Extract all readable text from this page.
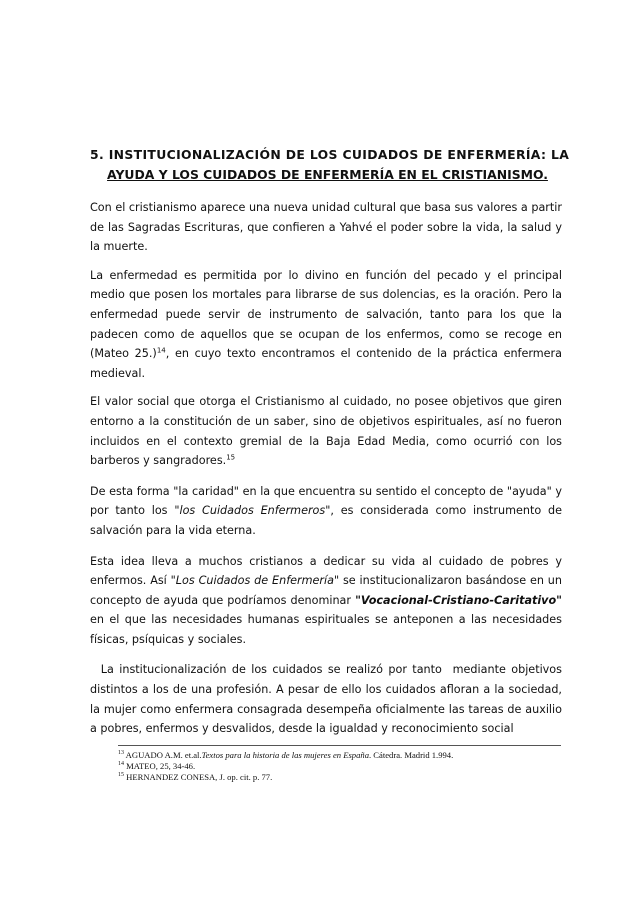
5. INSTITUCIONALIZACIÓN DE LOS CUIDADOS DE ENFERMERÍA: LA
AYUDA Y LOS CUIDADOS DE ENFERMERÍA EN EL CRISTIANISMO.

Con el cristianismo aparece una nueva unidad cultural que basa sus valores a partir de las Sagradas Escrituras, que confieren a Yahvé el poder sobre la vida, la salud y la muerte.

La enfermedad es permitida por lo divino en función del pecado y el principal medio que posen los mortales para librarse de sus dolencias, es la oración. Pero la enfermedad puede servir de instrumento de salvación, tanto para los que la padecen como de aquellos que se ocupan de los enfermos, como se recoge en (Mateo 25.)$^{14}$, en cuyo texto encontramos el contenido de la práctica enfermera medieval.

El valor social que otorga el Cristianismo al cuidado, no posee objetivos que giren entorno a la constitución de un saber, sino de objetivos espirituales, así no fueron incluidos en el contexto gremial de la Baja Edad Media, como ocurrió con los barberos y sangradores.$^{15}$

De esta forma "la caridad" en la que encuentra su sentido el concepto de "ayuda" y por tanto los "los Cuidados Enfermeros", es considerada como instrumento de salvación para la vida eterna.

Esta idea lleva a muchos cristianos a dedicar su vida al cuidado de pobres y enfermos. Así "Los Cuidados de Enfermería" se institucionalizaron basándose en un concepto de ayuda que podríamos denominar "Vocacional-Cristiano-Caritativo" en el que las necesidades humanas espirituales se anteponen a las necesidades físicas, psíquicas y sociales.

La institucionalización de los cuidados se realizó por tanto  mediante objetivos distintos a los de una profesión. A pesar de ello los cuidados afloran a la sociedad, la mujer como enfermera consagrada desempeña oficialmente las tareas de auxilio a pobres, enfermos y desvalidos, desde la igualdad y reconocimiento social

$^{13}$ AGUADO A.M. et.al.Textos para la historia de las mujeres en España. Cátedra. Madrid 1.994.
$^{14}$ MATEO, 25, 34-46.
$^{15}$ HERNANDEZ CONESA, J. op. cit. p. 77.
